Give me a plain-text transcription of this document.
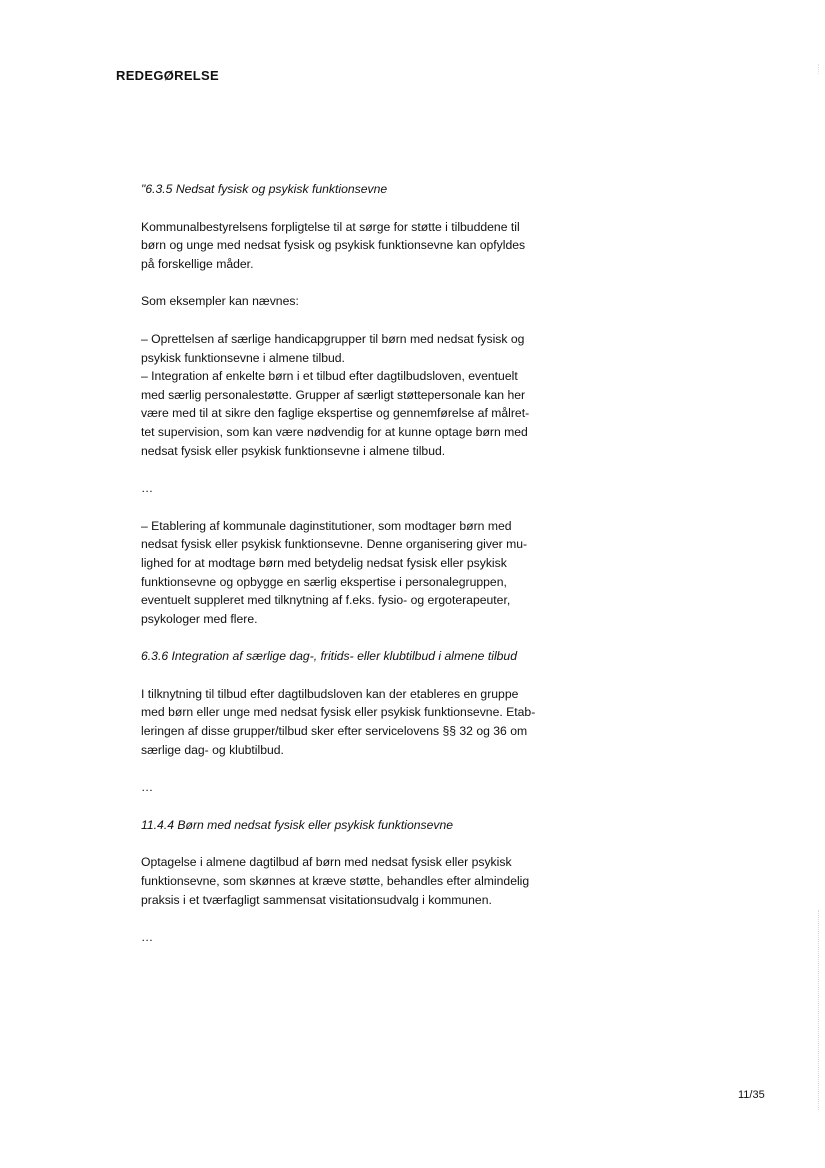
REDEGØRELSE

"6.3.5 Nedsat fysisk og psykisk funktionsevne

Kommunalbestyrelsens forpligtelse til at sørge for støtte i tilbuddene til
børn og unge med nedsat fysisk og psykisk funktionsevne kan opfyldes
på forskellige måder.

Som eksempler kan nævnes:

– Oprettelsen af særlige handicapgrupper til børn med nedsat fysisk og
psykisk funktionsevne i almene tilbud.
– Integration af enkelte børn i et tilbud efter dagtilbudsloven, eventuelt
med særlig personalestøtte. Grupper af særligt støttepersonale kan her
være med til at sikre den faglige ekspertise og gennemførelse af målret-
tet supervision, som kan være nødvendig for at kunne optage børn med
nedsat fysisk eller psykisk funktionsevne i almene tilbud.

…

– Etablering af kommunale daginstitutioner, som modtager børn med
nedsat fysisk eller psykisk funktionsevne. Denne organisering giver mu-
lighed for at modtage børn med betydelig nedsat fysisk eller psykisk
funktionsevne og opbygge en særlig ekspertise i personalegruppen,
eventuelt suppleret med tilknytning af f.eks. fysio- og ergoterapeuter,
psykologer med flere.

6.3.6 Integration af særlige dag-, fritids- eller klubtilbud i almene tilbud

I tilknytning til tilbud efter dagtilbudsloven kan der etableres en gruppe
med børn eller unge med nedsat fysisk eller psykisk funktionsevne. Etab-
leringen af disse grupper/tilbud sker efter servicelovens §§ 32 og 36 om
særlige dag- og klubtilbud.

…

11.4.4 Børn med nedsat fysisk eller psykisk funktionsevne

Optagelse i almene dagtilbud af børn med nedsat fysisk eller psykisk
funktionsevne, som skønnes at kræve støtte, behandles efter almindelig
praksis i et tværfagligt sammensat visitationsudvalg i kommunen.

…

11/35
